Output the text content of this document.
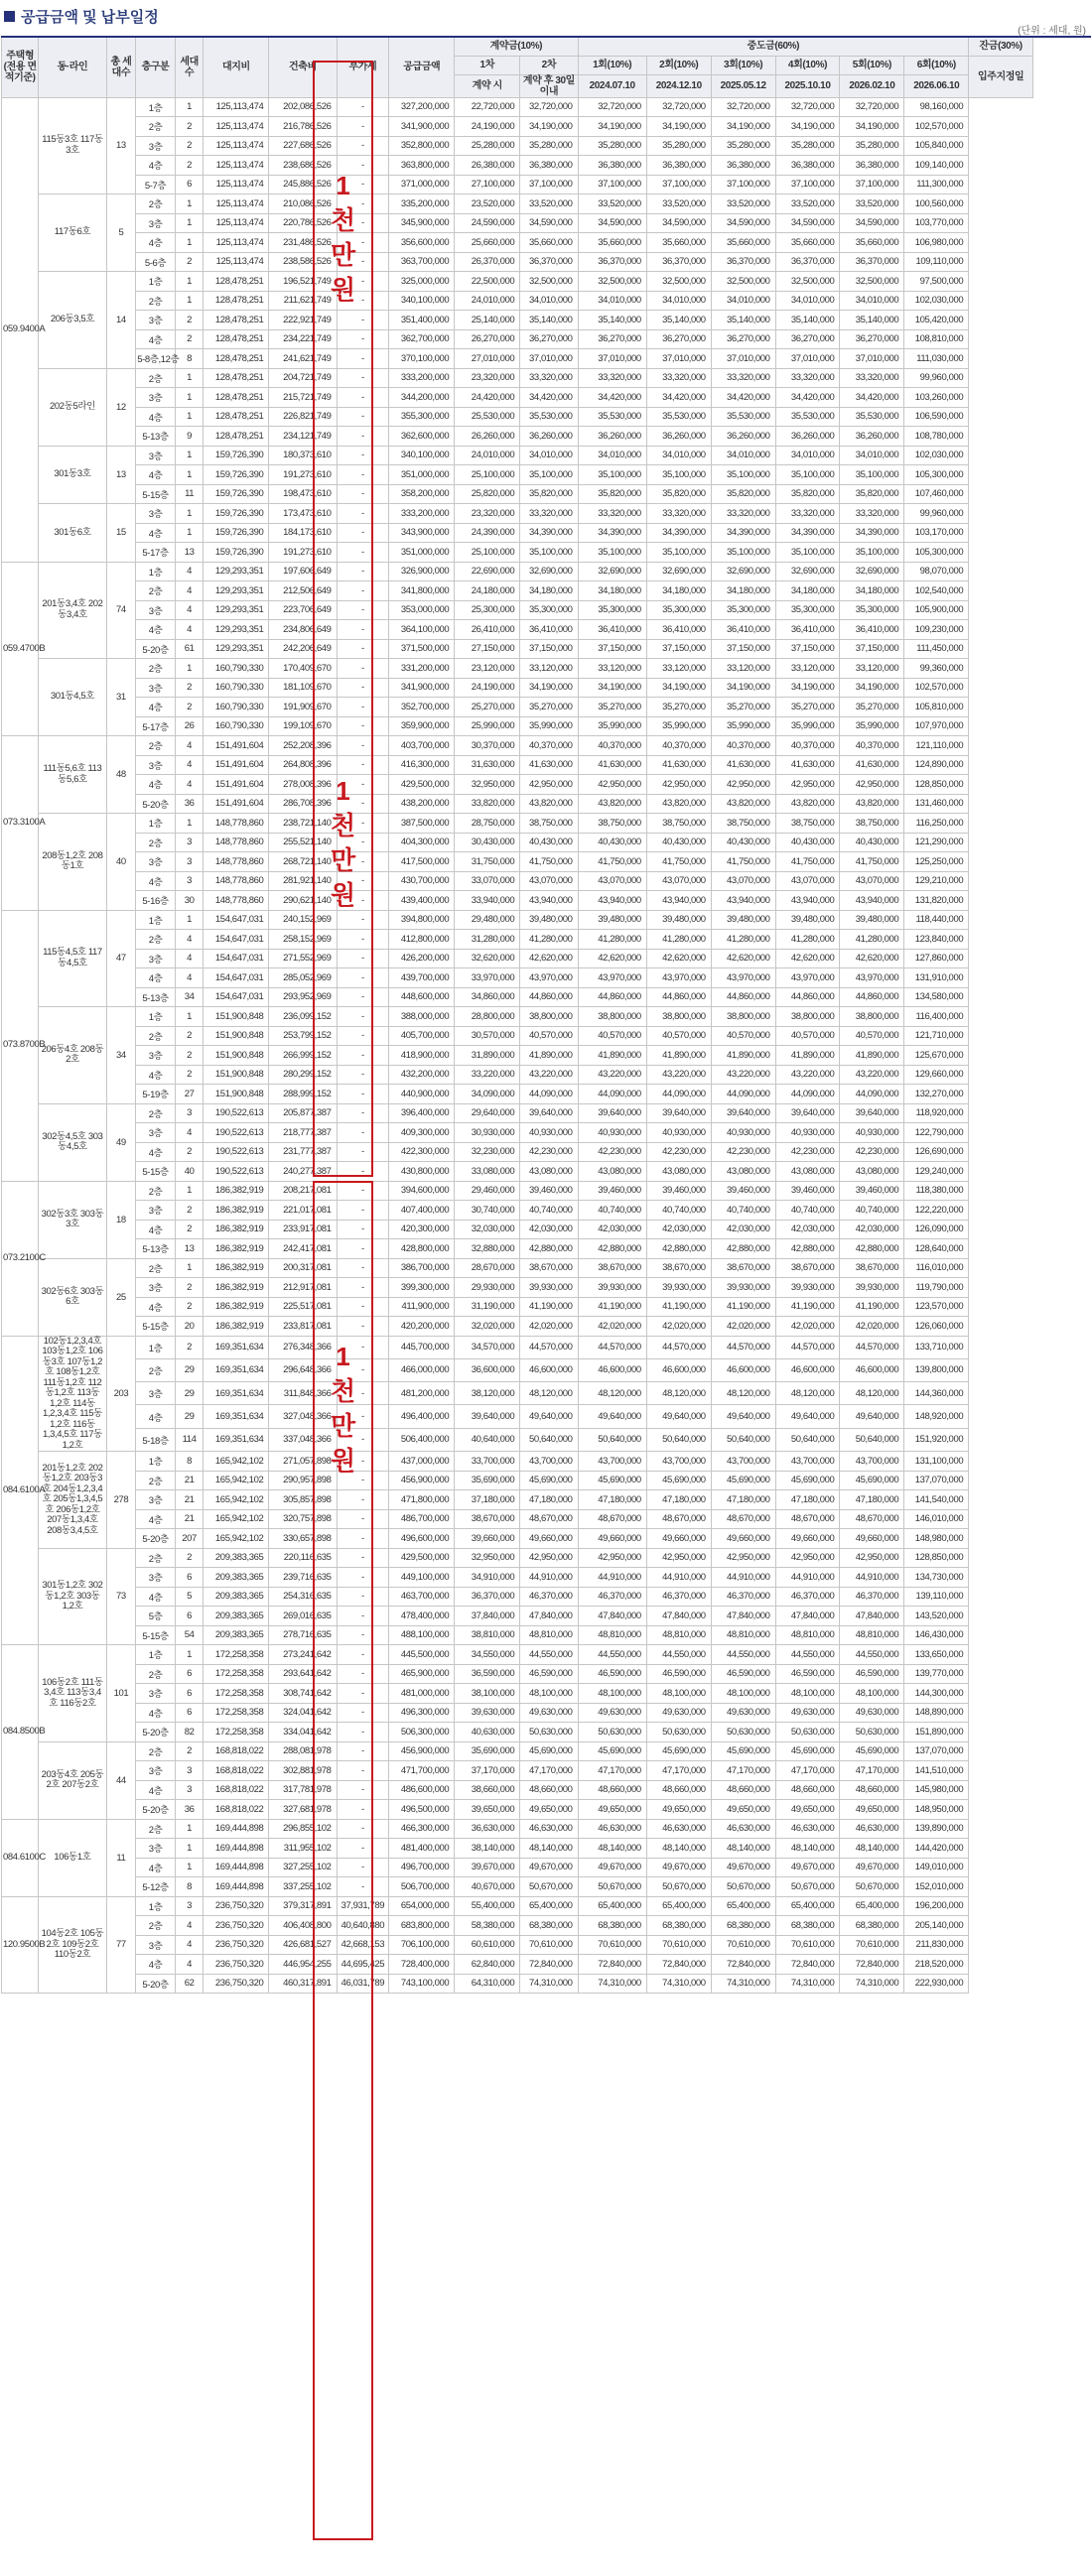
공급금액 및 납부일정
(단위 : 세대, 원)
주택형 (전용 면적기준)	동·라인	총 세대수	층구분	세대수	대지비	건축비	부가세	공급금액	계약금(10%)		중도금(60%)						잔금(30%)
									1차	2차	1회(10%)	2회(10%)	3회(10%)	4회(10%)	5회(10%)	6회(10%)	입주지정일
									계약 시	계약 후 30일이내	2024.07.10	2024.12.10	2025.05.12	2025.10.10	2026.02.10	2026.06.10	
059.9400A	115동3호 117동3호	13	1층	1	125,113,474	202,086,526	-	327,200,000	22,720,000	32,720,000	32,720,000	32,720,000	32,720,000	32,720,000	32,720,000	98,160,000	
			2층	2	125,113,474	216,786,526	-	341,900,000	24,190,000	34,190,000	34,190,000	34,190,000	34,190,000	34,190,000	34,190,000	102,570,000	
			3층	2	125,113,474	227,686,526	-	352,800,000	25,280,000	35,280,000	35,280,000	35,280,000	35,280,000	35,280,000	35,280,000	105,840,000	
			4층	2	125,113,474	238,686,526	-	363,800,000	26,380,000	36,380,000	36,380,000	36,380,000	36,380,000	36,380,000	36,380,000	109,140,000	
			5-7층	6	125,113,474	245,886,526	-	371,000,000	27,100,000	37,100,000	37,100,000	37,100,000	37,100,000	37,100,000	37,100,000	111,300,000	
	117동6호	5	2층	1	125,113,474	210,086,526	-	335,200,000	23,520,000	33,520,000	33,520,000	33,520,000	33,520,000	33,520,000	33,520,000	100,560,000	
			3층	1	125,113,474	220,786,526	-	345,900,000	24,590,000	34,590,000	34,590,000	34,590,000	34,590,000	34,590,000	34,590,000	103,770,000	
			4층	1	125,113,474	231,486,526	-	356,600,000	25,660,000	35,660,000	35,660,000	35,660,000	35,660,000	35,660,000	35,660,000	106,980,000	
			5-6층	2	125,113,474	238,586,526	-	363,700,000	26,370,000	36,370,000	36,370,000	36,370,000	36,370,000	36,370,000	36,370,000	109,110,000	
	206동3,5호	14	1층	1	128,478,251	196,521,749	-	325,000,000	22,500,000	32,500,000	32,500,000	32,500,000	32,500,000	32,500,000	32,500,000	97,500,000	
			2층	1	128,478,251	211,621,749	-	340,100,000	24,010,000	34,010,000	34,010,000	34,010,000	34,010,000	34,010,000	34,010,000	102,030,000	
			3층	2	128,478,251	222,921,749	-	351,400,000	25,140,000	35,140,000	35,140,000	35,140,000	35,140,000	35,140,000	35,140,000	105,420,000	
			4층	2	128,478,251	234,221,749	-	362,700,000	26,270,000	36,270,000	36,270,000	36,270,000	36,270,000	36,270,000	36,270,000	108,810,000	
			5-8층,12층	8	128,478,251	241,621,749	-	370,100,000	27,010,000	37,010,000	37,010,000	37,010,000	37,010,000	37,010,000	37,010,000	111,030,000	
	202동5라인	12	2층	1	128,478,251	204,721,749	-	333,200,000	23,320,000	33,320,000	33,320,000	33,320,000	33,320,000	33,320,000	33,320,000	99,960,000	
			3층	1	128,478,251	215,721,749	-	344,200,000	24,420,000	34,420,000	34,420,000	34,420,000	34,420,000	34,420,000	34,420,000	103,260,000	
			4층	1	128,478,251	226,821,749	-	355,300,000	25,530,000	35,530,000	35,530,000	35,530,000	35,530,000	35,530,000	35,530,000	106,590,000	
			5-13층	9	128,478,251	234,121,749	-	362,600,000	26,260,000	36,260,000	36,260,000	36,260,000	36,260,000	36,260,000	36,260,000	108,780,000	
	301동3호	13	3층	1	159,726,390	180,373,610	-	340,100,000	24,010,000	34,010,000	34,010,000	34,010,000	34,010,000	34,010,000	34,010,000	102,030,000	
			4층	1	159,726,390	191,273,610	-	351,000,000	25,100,000	35,100,000	35,100,000	35,100,000	35,100,000	35,100,000	35,100,000	105,300,000	
			5-15층	11	159,726,390	198,473,610	-	358,200,000	25,820,000	35,820,000	35,820,000	35,820,000	35,820,000	35,820,000	35,820,000	107,460,000	
	301동6호	15	3층	1	159,726,390	173,473,610	-	333,200,000	23,320,000	33,320,000	33,320,000	33,320,000	33,320,000	33,320,000	33,320,000	99,960,000	
			4층	1	159,726,390	184,173,610	-	343,900,000	24,390,000	34,390,000	34,390,000	34,390,000	34,390,000	34,390,000	34,390,000	103,170,000	
			5-17층	13	159,726,390	191,273,610	-	351,000,000	25,100,000	35,100,000	35,100,000	35,100,000	35,100,000	35,100,000	35,100,000	105,300,000	
059.4700B	201동3,4호 202동3,4호	74	1층	4	129,293,351	197,606,649	-	326,900,000	22,690,000	32,690,000	32,690,000	32,690,000	32,690,000	32,690,000	32,690,000	98,070,000	
			2층	4	129,293,351	212,506,649	-	341,800,000	24,180,000	34,180,000	34,180,000	34,180,000	34,180,000	34,180,000	34,180,000	102,540,000	
			3층	4	129,293,351	223,706,649	-	353,000,000	25,300,000	35,300,000	35,300,000	35,300,000	35,300,000	35,300,000	35,300,000	105,900,000	
			4층	4	129,293,351	234,806,649	-	364,100,000	26,410,000	36,410,000	36,410,000	36,410,000	36,410,000	36,410,000	36,410,000	109,230,000	
			5-20층	61	129,293,351	242,206,649	-	371,500,000	27,150,000	37,150,000	37,150,000	37,150,000	37,150,000	37,150,000	37,150,000	111,450,000	
	301동4,5호	31	2층	1	160,790,330	170,409,670	-	331,200,000	23,120,000	33,120,000	33,120,000	33,120,000	33,120,000	33,120,000	33,120,000	99,360,000	
			3층	2	160,790,330	181,109,670	-	341,900,000	24,190,000	34,190,000	34,190,000	34,190,000	34,190,000	34,190,000	34,190,000	102,570,000	
			4층	2	160,790,330	191,909,670	-	352,700,000	25,270,000	35,270,000	35,270,000	35,270,000	35,270,000	35,270,000	35,270,000	105,810,000	
			5-17층	26	160,790,330	199,109,670	-	359,900,000	25,990,000	35,990,000	35,990,000	35,990,000	35,990,000	35,990,000	35,990,000	107,970,000	
073.3100A	111동5,6호 113동5,6호	48	2층	4	151,491,604	252,208,396	-	403,700,000	30,370,000	40,370,000	40,370,000	40,370,000	40,370,000	40,370,000	40,370,000	121,110,000	
			3층	4	151,491,604	264,808,396	-	416,300,000	31,630,000	41,630,000	41,630,000	41,630,000	41,630,000	41,630,000	41,630,000	124,890,000	
			4층	4	151,491,604	278,008,396	-	429,500,000	32,950,000	42,950,000	42,950,000	42,950,000	42,950,000	42,950,000	42,950,000	128,850,000	
			5-20층	36	151,491,604	286,708,396	-	438,200,000	33,820,000	43,820,000	43,820,000	43,820,000	43,820,000	43,820,000	43,820,000	131,460,000	
	208동1,2호 208동1호	40	1층	1	148,778,860	238,721,140	-	387,500,000	28,750,000	38,750,000	38,750,000	38,750,000	38,750,000	38,750,000	38,750,000	116,250,000	
			2층	3	148,778,860	255,521,140	-	404,300,000	30,430,000	40,430,000	40,430,000	40,430,000	40,430,000	40,430,000	40,430,000	121,290,000	
			3층	3	148,778,860	268,721,140	-	417,500,000	31,750,000	41,750,000	41,750,000	41,750,000	41,750,000	41,750,000	41,750,000	125,250,000	
			4층	3	148,778,860	281,921,140	-	430,700,000	33,070,000	43,070,000	43,070,000	43,070,000	43,070,000	43,070,000	43,070,000	129,210,000	
			5-16층	30	148,778,860	290,621,140	-	439,400,000	33,940,000	43,940,000	43,940,000	43,940,000	43,940,000	43,940,000	43,940,000	131,820,000	
073.8700B	115동4,5호 117동4,5호	47	1층	1	154,647,031	240,152,969	-	394,800,000	29,480,000	39,480,000	39,480,000	39,480,000	39,480,000	39,480,000	39,480,000	118,440,000	
			2층	4	154,647,031	258,152,969	-	412,800,000	31,280,000	41,280,000	41,280,000	41,280,000	41,280,000	41,280,000	41,280,000	123,840,000	
			3층	4	154,647,031	271,552,969	-	426,200,000	32,620,000	42,620,000	42,620,000	42,620,000	42,620,000	42,620,000	42,620,000	127,860,000	
			4층	4	154,647,031	285,052,969	-	439,700,000	33,970,000	43,970,000	43,970,000	43,970,000	43,970,000	43,970,000	43,970,000	131,910,000	
			5-13층	34	154,647,031	293,952,969	-	448,600,000	34,860,000	44,860,000	44,860,000	44,860,000	44,860,000	44,860,000	44,860,000	134,580,000	
	206동4호 208동2호	34	1층	1	151,900,848	236,099,152	-	388,000,000	28,800,000	38,800,000	38,800,000	38,800,000	38,800,000	38,800,000	38,800,000	116,400,000	
			2층	2	151,900,848	253,799,152	-	405,700,000	30,570,000	40,570,000	40,570,000	40,570,000	40,570,000	40,570,000	40,570,000	121,710,000	
			3층	2	151,900,848	266,999,152	-	418,900,000	31,890,000	41,890,000	41,890,000	41,890,000	41,890,000	41,890,000	41,890,000	125,670,000	
			4층	2	151,900,848	280,299,152	-	432,200,000	33,220,000	43,220,000	43,220,000	43,220,000	43,220,000	43,220,000	43,220,000	129,660,000	
			5-19층	27	151,900,848	288,999,152	-	440,900,000	34,090,000	44,090,000	44,090,000	44,090,000	44,090,000	44,090,000	44,090,000	132,270,000	
	302동4,5호 303동4,5호	49	2층	3	190,522,613	205,877,387	-	396,400,000	29,640,000	39,640,000	39,640,000	39,640,000	39,640,000	39,640,000	39,640,000	118,920,000	
			3층	4	190,522,613	218,777,387	-	409,300,000	30,930,000	40,930,000	40,930,000	40,930,000	40,930,000	40,930,000	40,930,000	122,790,000	
			4층	2	190,522,613	231,777,387	-	422,300,000	32,230,000	42,230,000	42,230,000	42,230,000	42,230,000	42,230,000	42,230,000	126,690,000	
			5-15층	40	190,522,613	240,277,387	-	430,800,000	33,080,000	43,080,000	43,080,000	43,080,000	43,080,000	43,080,000	43,080,000	129,240,000	
073.2100C	302동3호 303동3호	18	2층	1	186,382,919	208,217,081	-	394,600,000	29,460,000	39,460,000	39,460,000	39,460,000	39,460,000	39,460,000	39,460,000	118,380,000	
			3층	2	186,382,919	221,017,081	-	407,400,000	30,740,000	40,740,000	40,740,000	40,740,000	40,740,000	40,740,000	40,740,000	122,220,000	
			4층	2	186,382,919	233,917,081	-	420,300,000	32,030,000	42,030,000	42,030,000	42,030,000	42,030,000	42,030,000	42,030,000	126,090,000	
			5-13층	13	186,382,919	242,417,081	-	428,800,000	32,880,000	42,880,000	42,880,000	42,880,000	42,880,000	42,880,000	42,880,000	128,640,000	
	302동6호 303동6호	25	2층	1	186,382,919	200,317,081	-	386,700,000	28,670,000	38,670,000	38,670,000	38,670,000	38,670,000	38,670,000	38,670,000	116,010,000	
			3층	2	186,382,919	212,917,081	-	399,300,000	29,930,000	39,930,000	39,930,000	39,930,000	39,930,000	39,930,000	39,930,000	119,790,000	
			4층	2	186,382,919	225,517,081	-	411,900,000	31,190,000	41,190,000	41,190,000	41,190,000	41,190,000	41,190,000	41,190,000	123,570,000	
			5-15층	20	186,382,919	233,817,081	-	420,200,000	32,020,000	42,020,000	42,020,000	42,020,000	42,020,000	42,020,000	42,020,000	126,060,000	
084.6100A	102동1,2,3,4호 103동1,2호 106동3호 107동1,2호 108동1,2호 111동1,2호 112동1,2호 113동1,2호 114동1,2,3,4호 115동1,2호 116동1,3,4,5호 117동1,2호	203	1층	2	169,351,634	276,348,366	-	445,700,000	34,570,000	44,570,000	44,570,000	44,570,000	44,570,000	44,570,000	44,570,000	133,710,000	
			2층	29	169,351,634	296,648,366	-	466,000,000	36,600,000	46,600,000	46,600,000	46,600,000	46,600,000	46,600,000	46,600,000	139,800,000	
			3층	29	169,351,634	311,848,366	-	481,200,000	38,120,000	48,120,000	48,120,000	48,120,000	48,120,000	48,120,000	48,120,000	144,360,000	
			4층	29	169,351,634	327,048,366	-	496,400,000	39,640,000	49,640,000	49,640,000	49,640,000	49,640,000	49,640,000	49,640,000	148,920,000	
			5-18층	114	169,351,634	337,048,366	-	506,400,000	40,640,000	50,640,000	50,640,000	50,640,000	50,640,000	50,640,000	50,640,000	151,920,000	
	201동1,2호 202동1,2호 203동3호 204동1,2,3,4호 205동1,3,4,5호 206동1,2호 207동1,3,4호 208동3,4,5호	278	1층	8	165,942,102	271,057,898	-	437,000,000	33,700,000	43,700,000	43,700,000	43,700,000	43,700,000	43,700,000	43,700,000	131,100,000	
			2층	21	165,942,102	290,957,898	-	456,900,000	35,690,000	45,690,000	45,690,000	45,690,000	45,690,000	45,690,000	45,690,000	137,070,000	
			3층	21	165,942,102	305,857,898	-	471,800,000	37,180,000	47,180,000	47,180,000	47,180,000	47,180,000	47,180,000	47,180,000	141,540,000	
			4층	21	165,942,102	320,757,898	-	486,700,000	38,670,000	48,670,000	48,670,000	48,670,000	48,670,000	48,670,000	48,670,000	146,010,000	
			5-20층	207	165,942,102	330,657,898	-	496,600,000	39,660,000	49,660,000	49,660,000	49,660,000	49,660,000	49,660,000	49,660,000	148,980,000	
	301동1,2호 302동1,2호 303동1,2호	73	2층	2	209,383,365	220,116,635	-	429,500,000	32,950,000	42,950,000	42,950,000	42,950,000	42,950,000	42,950,000	42,950,000	128,850,000	
			3층	6	209,383,365	239,716,635	-	449,100,000	34,910,000	44,910,000	44,910,000	44,910,000	44,910,000	44,910,000	44,910,000	134,730,000	
			4층	5	209,383,365	254,316,635	-	463,700,000	36,370,000	46,370,000	46,370,000	46,370,000	46,370,000	46,370,000	46,370,000	139,110,000	
			5층	6	209,383,365	269,016,635	-	478,400,000	37,840,000	47,840,000	47,840,000	47,840,000	47,840,000	47,840,000	47,840,000	143,520,000	
			5-15층	54	209,383,365	278,716,635	-	488,100,000	38,810,000	48,810,000	48,810,000	48,810,000	48,810,000	48,810,000	48,810,000	146,430,000	
084.8500B	106동2호 111동3,4호 113동3,4호 116동2호	101	1층	1	172,258,358	273,241,642	-	445,500,000	34,550,000	44,550,000	44,550,000	44,550,000	44,550,000	44,550,000	44,550,000	133,650,000	
			2층	6	172,258,358	293,641,642	-	465,900,000	36,590,000	46,590,000	46,590,000	46,590,000	46,590,000	46,590,000	46,590,000	139,770,000	
			3층	6	172,258,358	308,741,642	-	481,000,000	38,100,000	48,100,000	48,100,000	48,100,000	48,100,000	48,100,000	48,100,000	144,300,000	
			4층	6	172,258,358	324,041,642	-	496,300,000	39,630,000	49,630,000	49,630,000	49,630,000	49,630,000	49,630,000	49,630,000	148,890,000	
			5-20층	82	172,258,358	334,041,642	-	506,300,000	40,630,000	50,630,000	50,630,000	50,630,000	50,630,000	50,630,000	50,630,000	151,890,000	
	203동4호 205동2호 207동2호	44	2층	2	168,818,022	288,081,978	-	456,900,000	35,690,000	45,690,000	45,690,000	45,690,000	45,690,000	45,690,000	45,690,000	137,070,000	
			3층	3	168,818,022	302,881,978	-	471,700,000	37,170,000	47,170,000	47,170,000	47,170,000	47,170,000	47,170,000	47,170,000	141,510,000	
			4층	3	168,818,022	317,781,978	-	486,600,000	38,660,000	48,660,000	48,660,000	48,660,000	48,660,000	48,660,000	48,660,000	145,980,000	
			5-20층	36	168,818,022	327,681,978	-	496,500,000	39,650,000	49,650,000	49,650,000	49,650,000	49,650,000	49,650,000	49,650,000	148,950,000	
084.6100C	106동1호	11	2층	1	169,444,898	296,855,102	-	466,300,000	36,630,000	46,630,000	46,630,000	46,630,000	46,630,000	46,630,000	46,630,000	139,890,000	
			3층	1	169,444,898	311,955,102	-	481,400,000	38,140,000	48,140,000	48,140,000	48,140,000	48,140,000	48,140,000	48,140,000	144,420,000	
			4층	1	169,444,898	327,255,102	-	496,700,000	39,670,000	49,670,000	49,670,000	49,670,000	49,670,000	49,670,000	49,670,000	149,010,000	
			5-12층	8	169,444,898	337,255,102	-	506,700,000	40,670,000	50,670,000	50,670,000	50,670,000	50,670,000	50,670,000	50,670,000	152,010,000	
120.9500B	104동2호 105동2호 109동2호 110동2호	77	1층	3	236,750,320	379,317,891	37,931,789	654,000,000	55,400,000	65,400,000	65,400,000	65,400,000	65,400,000	65,400,000	65,400,000	196,200,000	
			2층	4	236,750,320	406,408,800	40,640,880	683,800,000	58,380,000	68,380,000	68,380,000	68,380,000	68,380,000	68,380,000	68,380,000	205,140,000	
			3층	4	236,750,320	426,681,527	42,668,153	706,100,000	60,610,000	70,610,000	70,610,000	70,610,000	70,610,000	70,610,000	70,610,000	211,830,000	
			4층	4	236,750,320	446,954,255	44,695,425	728,400,000	62,840,000	72,840,000	72,840,000	72,840,000	72,840,000	72,840,000	72,840,000	218,520,000	
			5-20층	62	236,750,320	460,317,891	46,031,789	743,100,000	64,310,000	74,310,000	74,310,000	74,310,000	74,310,000	74,310,000	74,310,000	222,930,000	
1
천
만
원
1
천
만
원
1
천
만
원
